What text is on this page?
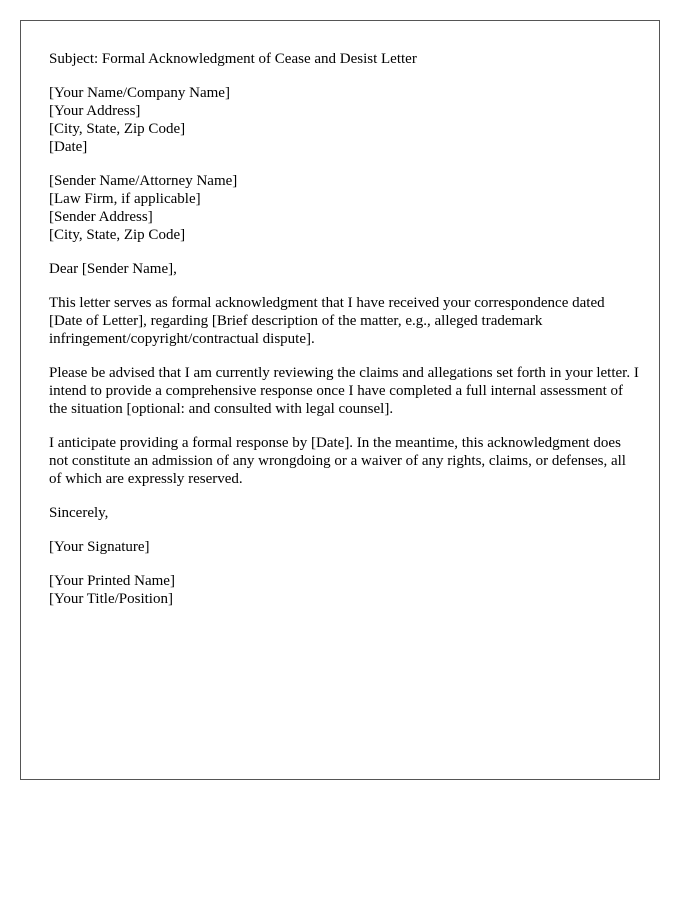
Subject: Formal Acknowledgment of Cease and Desist Letter
[Your Name/Company Name]
[Your Address]
[City, State, Zip Code]
[Date]
[Sender Name/Attorney Name]
[Law Firm, if applicable]
[Sender Address]
[City, State, Zip Code]
Dear [Sender Name],

This letter serves as formal acknowledgment that I have received your correspondence dated [Date of Letter], regarding [Brief description of the matter, e.g., alleged trademark infringement/copyright/contractual dispute].

Please be advised that I am currently reviewing the claims and allegations set forth in your letter. I intend to provide a comprehensive response once I have completed a full internal assessment of the situation [optional: and consulted with legal counsel].

I anticipate providing a formal response by [Date]. In the meantime, this acknowledgment does not constitute an admission of any wrongdoing or a waiver of any rights, claims, or defenses, all of which are expressly reserved.

Sincerely,
[Your Signature]
[Your Printed Name]
[Your Title/Position]
